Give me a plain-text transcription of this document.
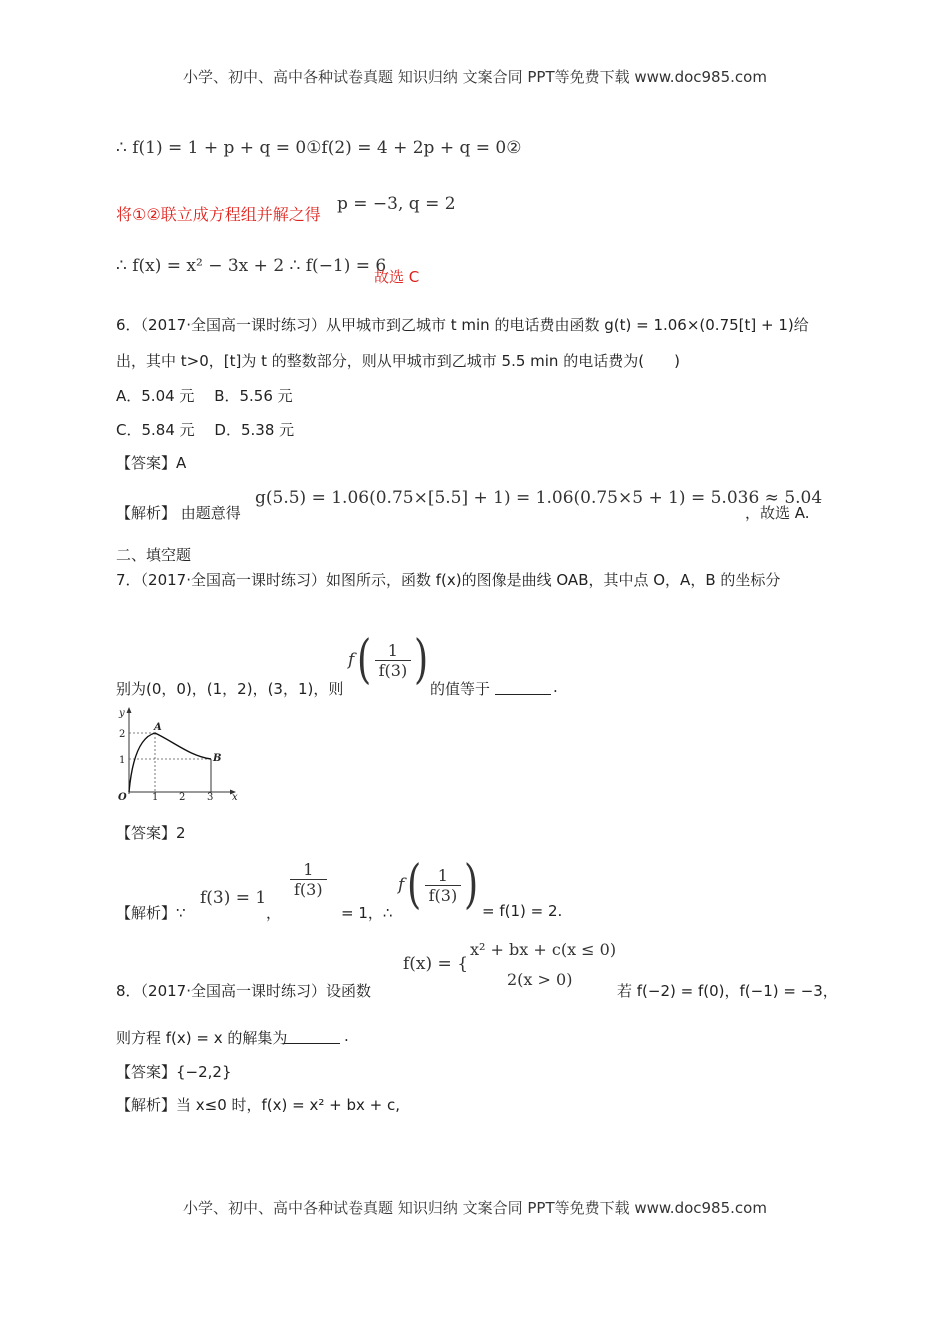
小学、初中、高中各种试卷真题 知识归纳 文案合同 PPT等免费下载 www.doc985.com
∴ f(1) = 1 + p + q = 0①f(2) = 4 + 2p + q = 0②
将①②联立成方程组并解之得
p = −3, q = 2
∴ f(x) = x² − 3x + 2 ∴ f(−1) = 6
故选 C
6．（2017·全国高一课时练习）从甲城市到乙城市 t min 的电话费由函数 g(t) = 1.06×(0.75[t] + 1)给
出，其中 t>0，[t]为 t 的整数部分，则从甲城市到乙城市 5.5 min 的电话费为(　　)
A．5.04 元　 B．5.56 元
C．5.84 元　 D．5.38 元
【答案】A
【解析】 由题意得
g(5.5) = 1.06(0.75×[5.5] + 1) = 1.06(0.75×5 + 1) = 5.036 ≈ 5.04
，故选 A.
二、填空题
7．（2017·全国高一课时练习）如图所示，函数 f(x)的图像是曲线 OAB，其中点 O，A，B 的坐标分
别为(0，0)，(1，2)，(3，1)，则
f ( $\frac{1}{f(3)}$ ) 的值等于	.
y
x
O
2
1
1 2 3
A
B
【答案】2
【解析】∵
f(3) = 1
，
$\frac{1}{f(3)}$
= 1，∴
f ( $\frac{1}{f(3)}$ ) = f(1) = 2.
8．（2017·全国高一课时练习）设函数
f(x) = {
x² + bx + c(x ≤ 0)
2(x > 0)
若 f(−2) = f(0)，f(−1) = −3，
则方程 f(x) = x 的解集为	.
【答案】{−2,2}
【解析】当 x≤0 时，f(x) = x² + bx + c,
小学、初中、高中各种试卷真题 知识归纳 文案合同 PPT等免费下载 www.doc985.com
